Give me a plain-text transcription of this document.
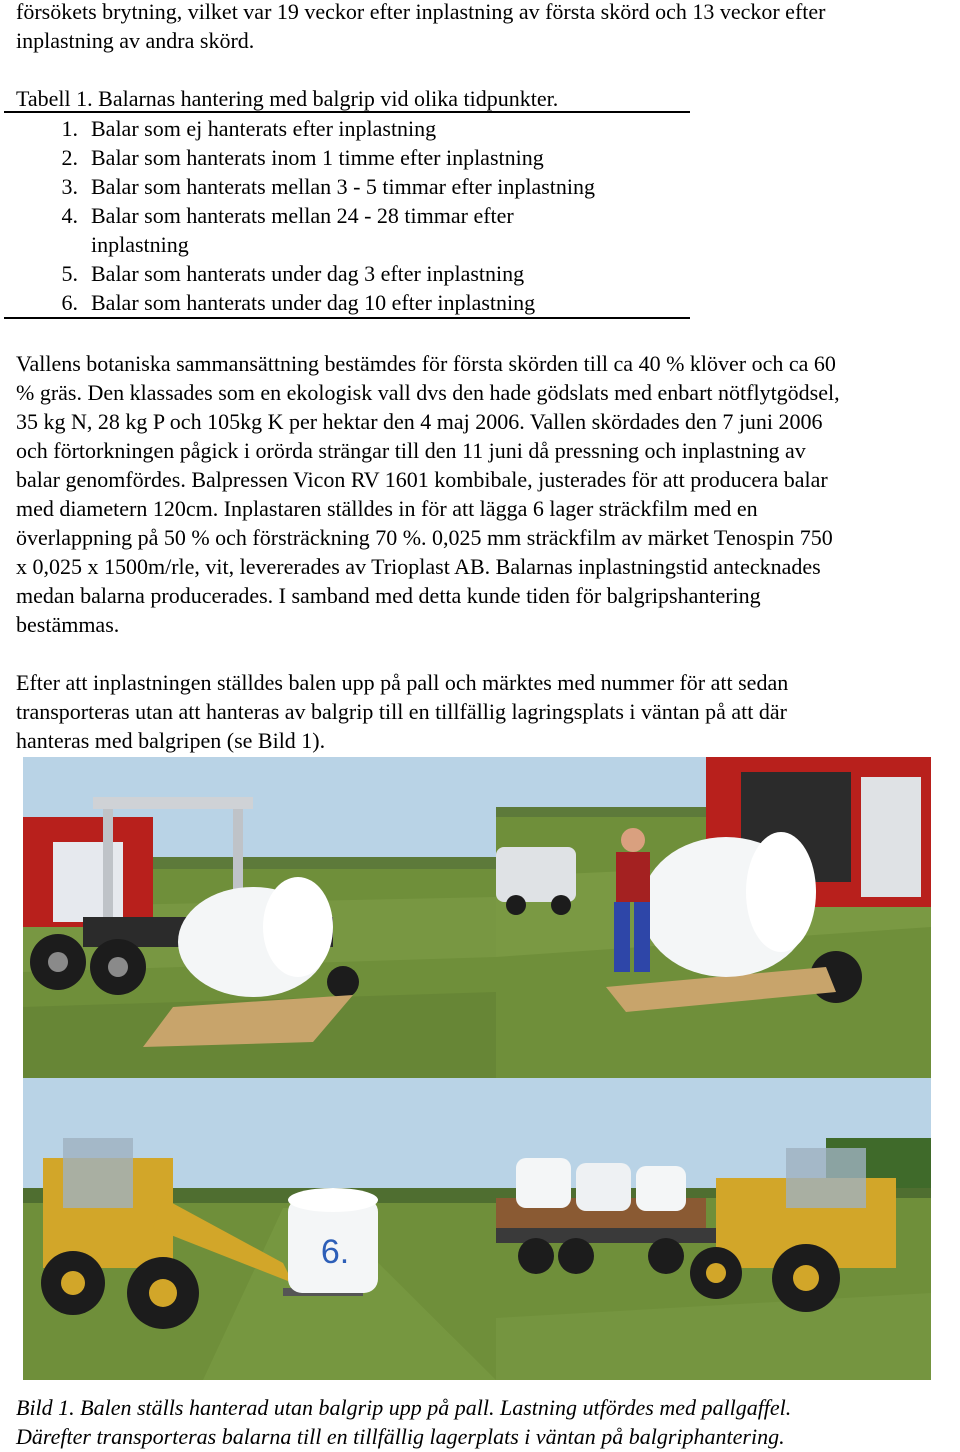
försökets brytning, vilket var 19 veckor efter inplastning av första skörd och 13 veckor efter
inplastning av andra skörd.
Tabell 1. Balarnas hantering med balgrip vid olika tidpunkter.
1. Balar som ej hanterats efter inplastning
2. Balar som hanterats inom 1 timme efter inplastning
3. Balar som hanterats mellan 3 - 5 timmar efter inplastning
4. Balar som hanterats mellan 24 - 28 timmar efter
inplastning
5. Balar som hanterats under dag 3 efter inplastning
6. Balar som hanterats under dag 10 efter inplastning
Vallens botaniska sammansättning bestämdes för första skörden till ca 40 % klöver och ca 60
% gräs. Den klassades som en ekologisk vall dvs den hade gödslats med enbart nötflytgödsel,
35 kg N, 28 kg P och 105kg K per hektar den 4 maj 2006. Vallen skördades den 7 juni 2006
och förtorkningen pågick i orörda strängar till den 11 juni då pressning och inplastning av
balar genomfördes. Balpressen Vicon RV 1601 kombibale, justerades för att producera balar
med diametern 120cm. Inplastaren ställdes in för att lägga 6 lager sträckfilm med en
överlappning på 50 % och försträckning 70 %. 0,025 mm sträckfilm av märket Tenospin 750
x 0,025 x 1500m/rle, vit, levererades av Trioplast AB. Balarnas inplastningstid antecknades
medan balarna producerades. I samband med detta kunde tiden för balgripshantering
bestämmas.
Efter att inplastningen ställdes balen upp på pall och märktes med nummer för att sedan
transporteras utan att hanteras av balgrip till en tillfällig lagringsplats i väntan på att där
hanteras med balgripen (se Bild 1).
6.
Bild 1. Balen ställs hanterad utan balgrip upp på pall. Lastning utfördes med pallgaffel.
Därefter transporteras balarna till en tillfällig lagerplats i väntan på balgriphantering.
